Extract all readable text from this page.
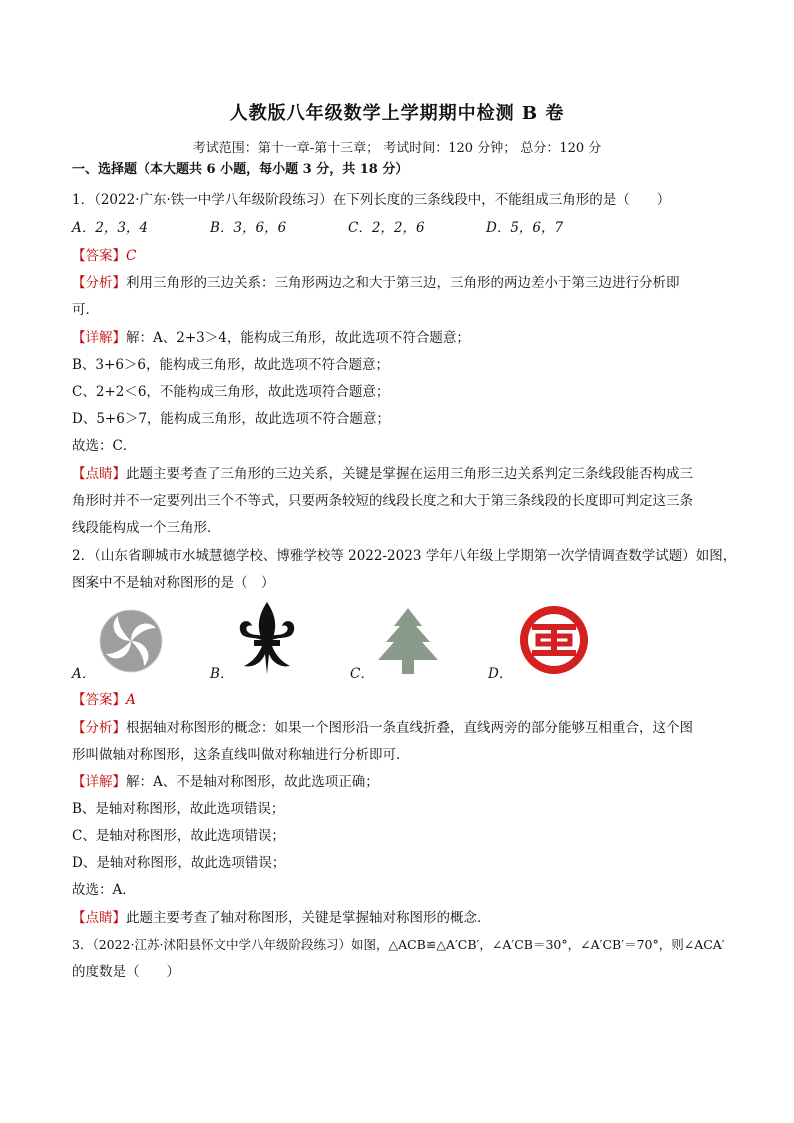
人教版八年级数学上学期期中检测 B 卷
考试范围：第十一章-第十三章； 考试时间：120 分钟； 总分：120 分
一、选择题（本大题共 6 小题，每小题 3 分，共 18 分）
1．（2022·广东·铁一中学八年级阶段练习）在下列长度的三条线段中，不能组成三角形的是（　　）
A．2，3，4	B．3，6，6	C．2，2，6	D．5，6，7
【答案】C
【分析】利用三角形的三边关系：三角形两边之和大于第三边，三角形的两边差小于第三边进行分析即
可．
【详解】解：A、2+3＞4，能构成三角形，故此选项不符合题意；
B、3+6＞6，能构成三角形，故此选项不符合题意；
C、2+2＜6，不能构成三角形，故此选项符合题意；
D、5+6＞7，能构成三角形，故此选项不符合题意；
故选：C．
【点睛】此题主要考查了三角形的三边关系，关键是掌握在运用三角形三边关系判定三条线段能否构成三
角形时并不一定要列出三个不等式，只要两条较短的线段长度之和大于第三条线段的长度即可判定这三条
线段能构成一个三角形．
2．（山东省聊城市水城慧德学校、博雅学校等 2022-2023 学年八年级上学期第一次学情调查数学试题）如图，
图案中不是轴对称图形的是（　）
A．	B．	C．	D．
【答案】A
【分析】根据轴对称图形的概念：如果一个图形沿一条直线折叠，直线两旁的部分能够互相重合，这个图
形叫做轴对称图形，这条直线叫做对称轴进行分析即可．
【详解】解：A、不是轴对称图形，故此选项正确；
B、是轴对称图形，故此选项错误；
C、是轴对称图形，故此选项错误；
D、是轴对称图形，故此选项错误；
故选：A．
【点睛】此题主要考查了轴对称图形，关键是掌握轴对称图形的概念．
3．（2022·江苏·沭阳县怀文中学八年级阶段练习）如图，△ACB≌△A′CB′，∠A′CB＝30°，∠A′CB′＝70°，则∠ACA′
的度数是（　　）
